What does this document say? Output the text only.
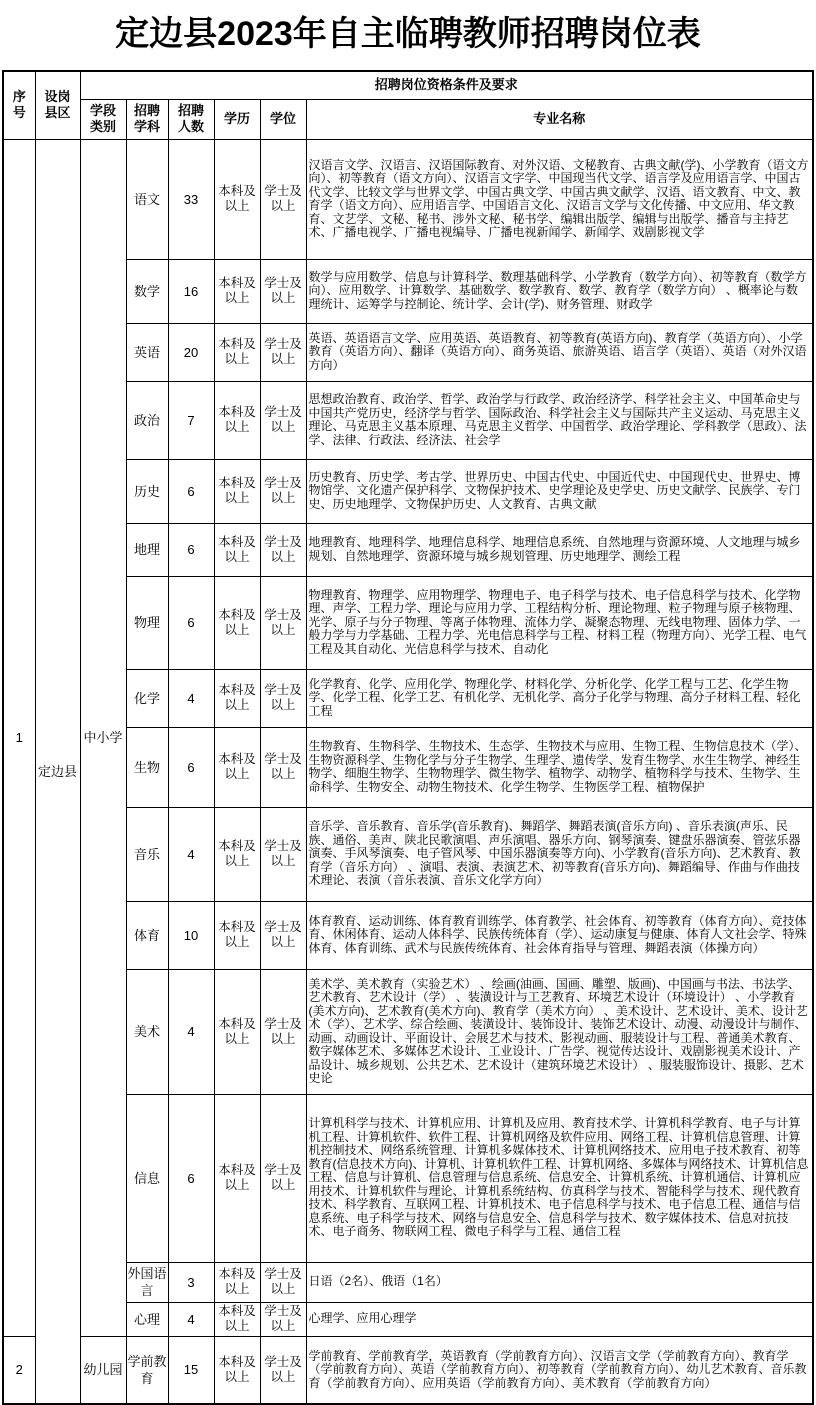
定边县2023年自主临聘教师招聘岗位表
序号	设岗县区	招聘岗位资格条件及要求					
		学段类别	招聘学科	招聘人数	学历	学位	专业名称
1	定边县	中小学	语文	33	本科及以上	学士及以上	汉语言文学、汉语言、汉语国际教育、对外汉语、文秘教育、古典文献(学)、小学教育（语文方向）、初等教育（语文方向）、汉语言文字学、中国现当代文学、语言学及应用语言学、中国古代文学、比较文学与世界文学、中国古典文学、中国古典文献学、汉语、语文教育、中文、教育学（语文方向）、应用语言学、中国语言文化、汉语言文学与文化传播、中文应用、华文教育、文艺学、文秘、秘书、涉外文秘、秘书学、编辑出版学、编辑与出版学、播音与主持艺术、广播电视学、广播电视编导、广播电视新闻学、新闻学、戏剧影视文学
			数学	16	本科及以上	学士及以上	数学与应用数学、信息与计算科学、数理基础科学、小学教育（数学方向）、初等教育（数学方向）、应用数学、计算数学、基础数学、数学教育、数学、教育学（数学方向） 、概率论与数理统计、运筹学与控制论、统计学、会计(学)、财务管理、财政学
			英语	20	本科及以上	学士及以上	英语、英语语言文学、应用英语、英语教育、初等教育(英语方向)、教育学（英语方向）、小学教育（英语方向）、翻译（英语方向）、商务英语、旅游英语、语言学（英语）、英语（对外汉语方向）
			政治	7	本科及以上	学士及以上	思想政治教育、政治学、哲学、政治学与行政学、政治经济学、科学社会主义、中国革命史与中国共产党历史，经济学与哲学、国际政治、科学社会主义与国际共产主义运动、马克思主义理论、马克思主义基本原理、马克思主义哲学、中国哲学、政治学理论、学科教学（思政）、法学、法律、行政法、经济法、社会学
			历史	6	本科及以上	学士及以上	历史教育、历史学、考古学、世界历史、中国古代史、中国近代史、中国现代史、世界史、博物馆学、文化遗产保护科学、文物保护技术、史学理论及史学史、历史文献学、民族学、专门史、历史地理学、文物保护历史、人文教育、古典文献
			地理	6	本科及以上	学士及以上	地理教育、地理科学、地理信息科学、地理信息系统、自然地理与资源环境、人文地理与城乡规划、自然地理学、资源环境与城乡规划管理、历史地理学、测绘工程
			物理	6	本科及以上	学士及以上	物理教育、物理学、应用物理学、物理电子、电子科学与技术、电子信息科学与技术、化学物理、声学、工程力学、理论与应用力学、工程结构分析、理论物理、粒子物理与原子核物理、光学、原子与分子物理、等离子体物理、流体力学、凝聚态物理、无线电物理、固体力学、一般力学与力学基础、工程力学、光电信息科学与工程、材料工程（物理方向）、光学工程、电气工程及其自动化、光信息科学与技术、自动化
			化学	4	本科及以上	学士及以上	化学教育、化学、应用化学、物理化学、材料化学、分析化学、化学工程与工艺、化学生物学、化学工程、化学工艺、有机化学、无机化学、高分子化学与物理、高分子材料工程、轻化工程
			生物	6	本科及以上	学士及以上	生物教育、生物科学、生物技术、生态学、生物技术与应用、生物工程、生物信息技术（学）、生物资源科学、生物化学与分子生物学、生理学、遗传学、发育生物学、水生生物学、神经生物学、细胞生物学、生物物理学、微生物学、植物学、动物学、植物科学与技术、生物学、生命科学、生物安全、动物生物技术、化学生物学、生物医学工程、植物保护
			音乐	4	本科及以上	学士及以上	音乐学、音乐教育、音乐学(音乐教育)、舞蹈学、舞蹈表演(音乐方向) 、音乐表演(声乐、民族、通俗、美声、陕北民歌演唱、声乐演唱、器乐方向、钢琴演奏、键盘乐器演奏、管弦乐器演奏、手风琴演奏、电子管风琴、中国乐器演奏等方向)、小学教育(音乐方向)、艺术教育、教育学（音乐方向） 、演唱、表演、表演艺术、初等教育(音乐方向)、舞蹈编导、作曲与作曲技术理论、表演（音乐表演、音乐文化学方向）
			体育	10	本科及以上	学士及以上	体育教育、运动训练、体育教育训练学、体育教学、社会体育、初等教育（体育方向）、竞技体育、休闲体育、运动人体科学、民族传统体育（学）、运动康复与健康、体育人文社会学、特殊体育、体育训练、武术与民族传统体育、社会体育指导与管理、舞蹈表演（体操方向）
			美术	4	本科及以上	学士及以上	美术学、美术教育（实验艺术） 、绘画(油画、国画、雕塑、版画)、中国画与书法、书法学、艺术教育、艺术设计（学） 、装潢设计与工艺教育、环境艺术设计（环境设计） 、小学教育(美术方向)、艺术教育(美术方向)、教育学（美术方向） 、美术设计、艺术设计、美术、设计艺术（学）、艺术学、综合绘画、装潢设计、装饰设计、装饰艺术设计、动漫、动漫设计与制作、动画、动画设计、平面设计、会展艺术与技术、影视动画、服装设计与工程、普通美术教育、数字媒体艺术、多媒体艺术设计、工业设计、广告学、视觉传达设计、戏剧影视美术设计、产品设计、城乡规划、公共艺术、艺术设计（建筑环境艺术设计） 、服装服饰设计、摄影、艺术史论
			信息	6	本科及以上	学士及以上	计算机科学与技术、计算机应用、计算机及应用、教育技术学、计算机科学教育、电子与计算机工程、计算机软件、软件工程、计算机网络及软件应用、网络工程、计算机信息管理、计算机控制技术、网络系统管理、计算机多媒体技术、计算机网络技术、应用电子技术教育、初等教育(信息技术方向)、计算机、计算机软件工程、计算机网络、多媒体与网络技术、计算机信息工程、信息与计算机、信息管理与信息系统、信息安全、计算机系统、计算机通信、计算机应用技术、计算机软件与理论、计算机系统结构、仿真科学与技术、智能科学与技术、现代教育技术、科学教育、互联网工程、计算机技术、电子信息科学与技术、电子信息工程、通信与信息系统、电子科学与技术、网络与信息安全、信息科学与技术、数字媒体技术、信息对抗技术、电子商务、物联网工程、微电子科学与工程、通信工程
			外国语言	3	本科及以上	学士及以上	日语（2名）、俄语（1名）
			心理	4	本科及以上	学士及以上	心理学、应用心理学
2		幼儿园	学前教育	15	本科及以上	学士及以上	学前教育、学前教育学，英语教育（学前教育方向）、汉语言文学（学前教育方向）、教育学（学前教育方向）、英语（学前教育方向）、初等教育（学前教育方向）、幼儿艺术教育、音乐教育（学前教育方向）、应用英语（学前教育方向）、美术教育（学前教育方向）
